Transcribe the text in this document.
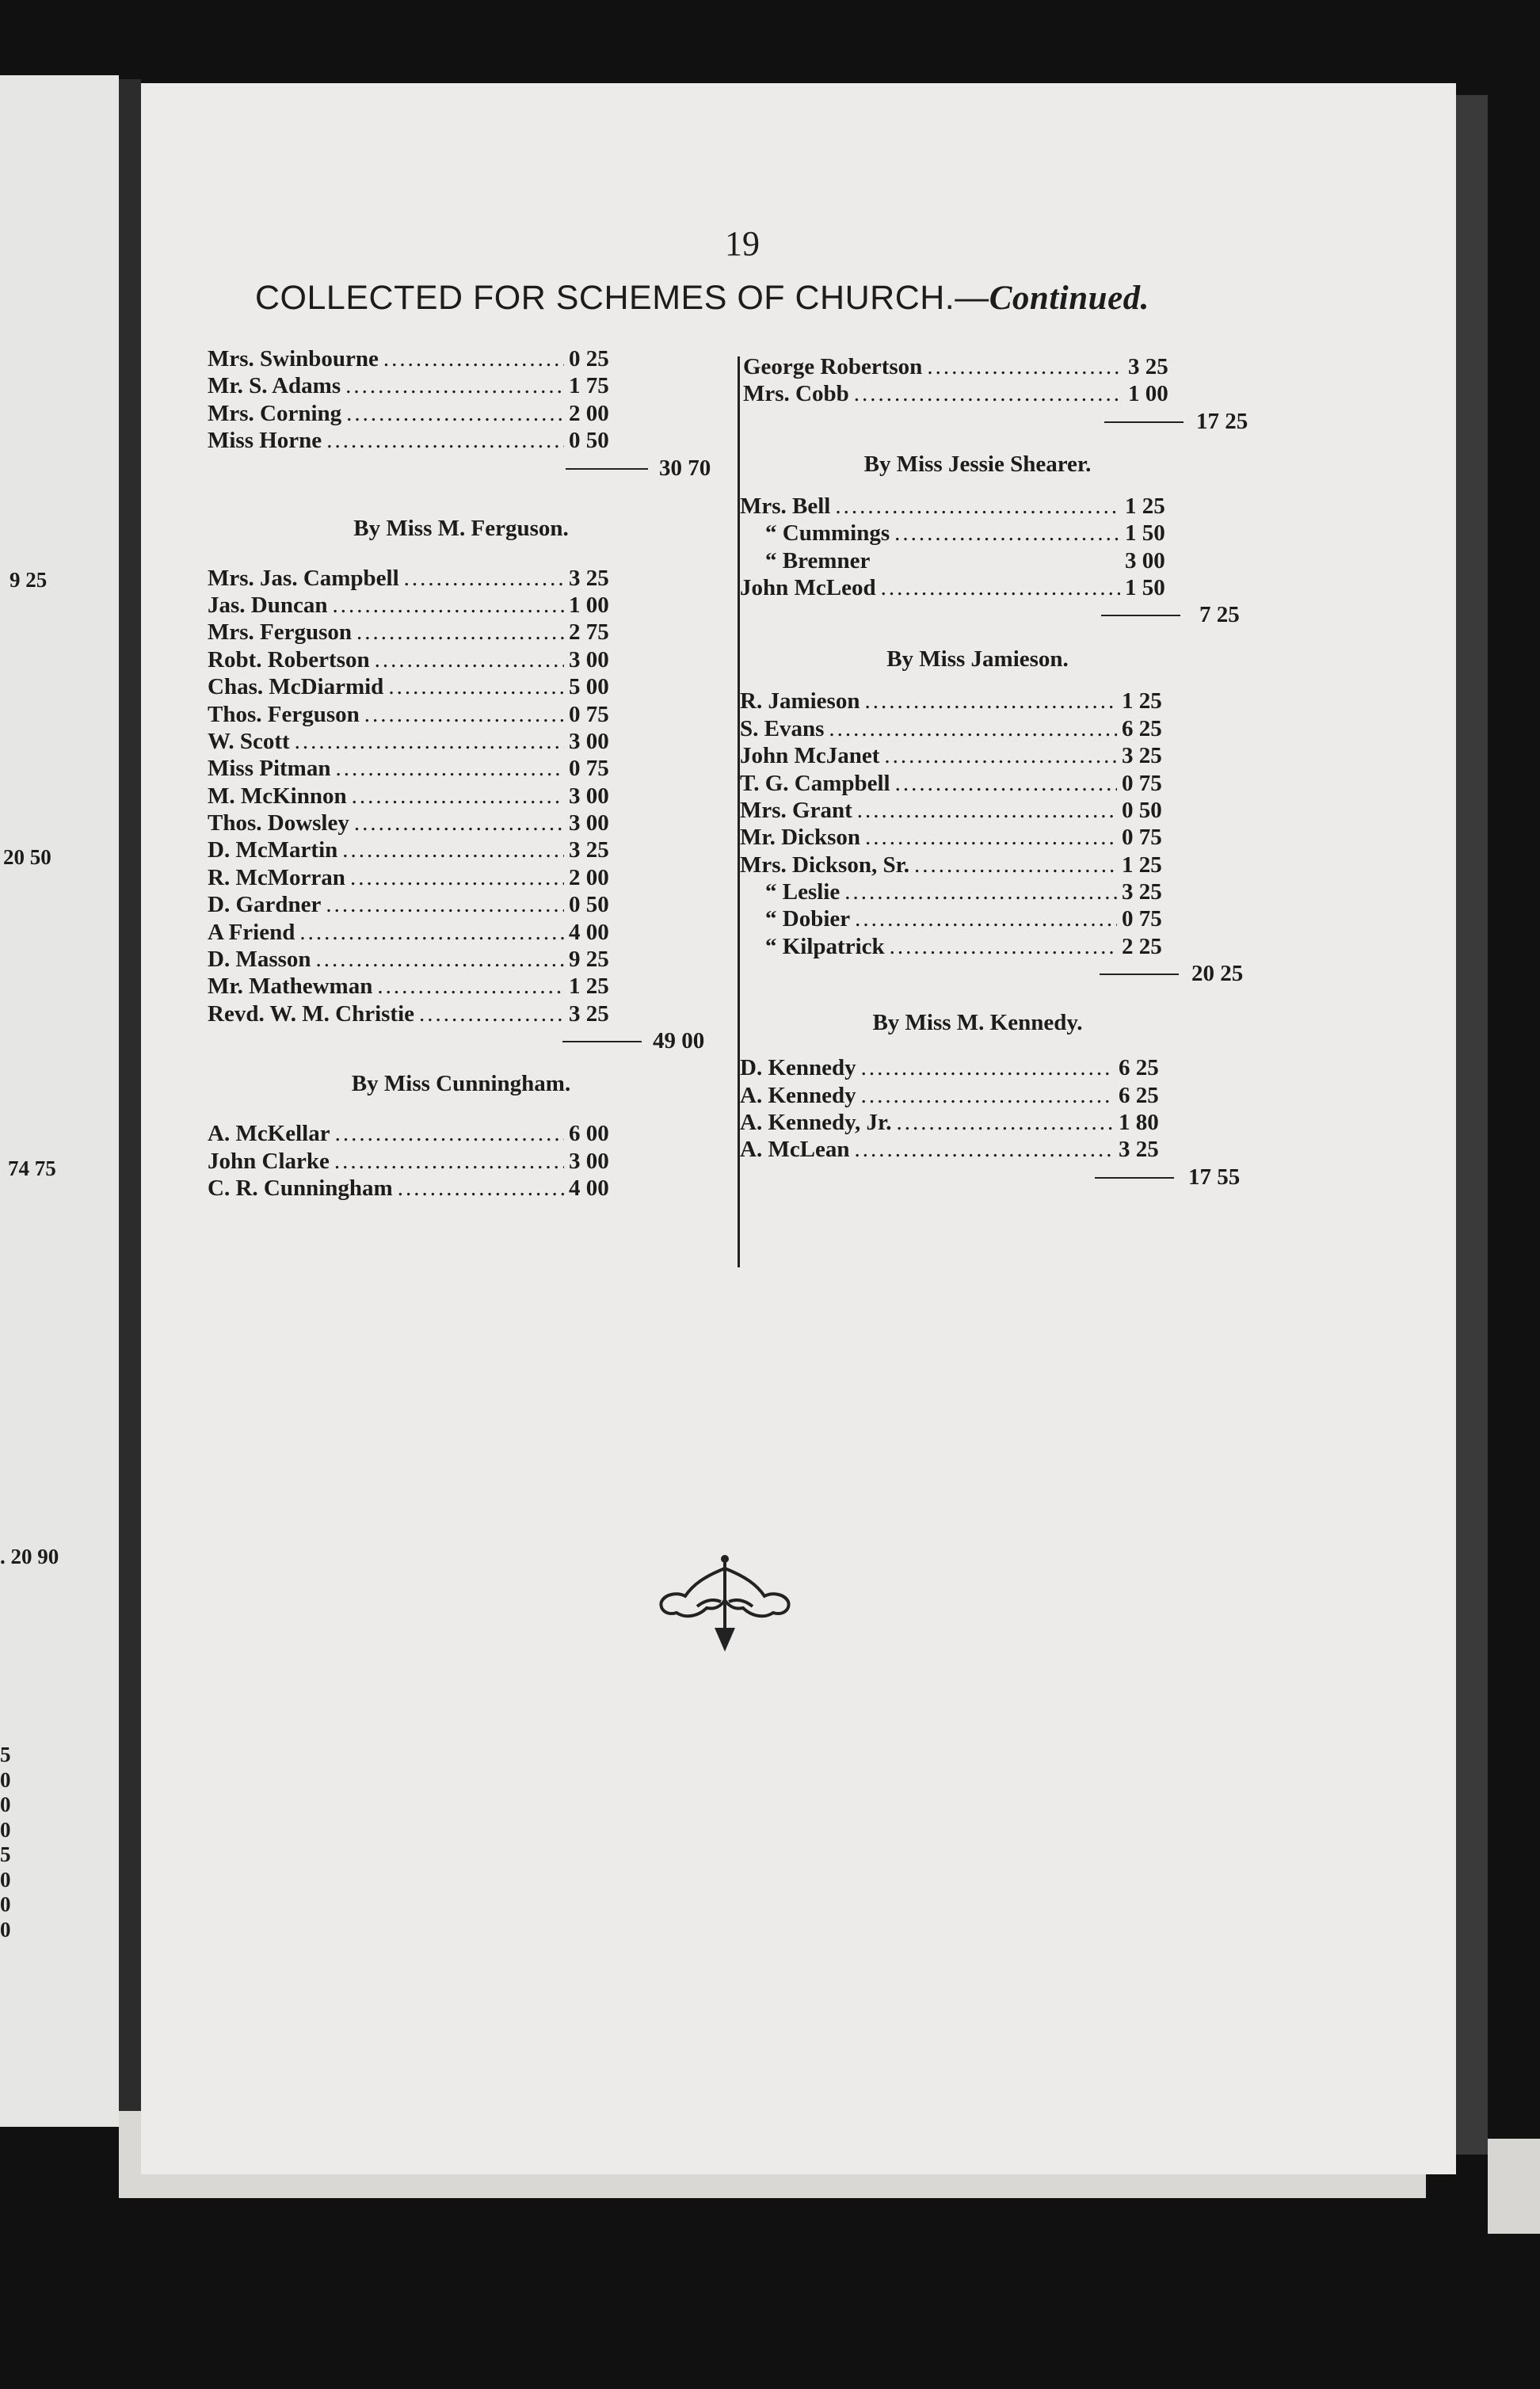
9 25
20 50
74 75
. 20 90
5
0
0
0
5
0
0
0
19
COLLECTED FOR SCHEMES OF CHURCH.—Continued.
Mrs. Swinbourne .....	0 25
Mr. S. Adams .....	1 75
Mrs. Corning .....	2 00
Miss Horne .....	0 50
30 70
By Miss M. Ferguson.
Mrs. Jas. Campbell .....	3 25
Jas. Duncan .....	1 00
Mrs. Ferguson .....	2 75
Robt. Robertson .....	3 00
Chas. McDiarmid .....	5 00
Thos. Ferguson .....	0 75
W. Scott .....	3 00
Miss Pitman .....	0 75
M. McKinnon .....	3 00
Thos. Dowsley .....	3 00
D. McMartin .....	3 25
R. McMorran .....	2 00
D. Gardner .....	0 50
A Friend .....	4 00
D. Masson .....	9 25
Mr. Mathewman .....	1 25
Revd. W. M. Christie .....	3 25
49 00
By Miss Cunningham.
A. McKellar .....	6 00
John Clarke .....	3 00
C. R. Cunningham .....	4 00
George Robertson .....	3 25
Mrs. Cobb .....	1 00
17 25
By Miss Jessie Shearer.
Mrs. Bell .....	1 25
“ Cummings .....	1 50
“ Bremner	3 00
John McLeod .....	1 50
7 25
By Miss Jamieson.
R. Jamieson .....	1 25
S. Evans .....	6 25
John McJanet .....	3 25
T. G. Campbell .....	0 75
Mrs. Grant .....	0 50
Mr. Dickson .....	0 75
Mrs. Dickson, Sr. .....	1 25
“ Leslie .....	3 25
“ Dobier .....	0 75
“ Kilpatrick .....	2 25
20 25
By Miss M. Kennedy.
D. Kennedy .....	6 25
A. Kennedy .....	6 25
A. Kennedy, Jr. .....	1 80
A. McLean .....	3 25
17 55
